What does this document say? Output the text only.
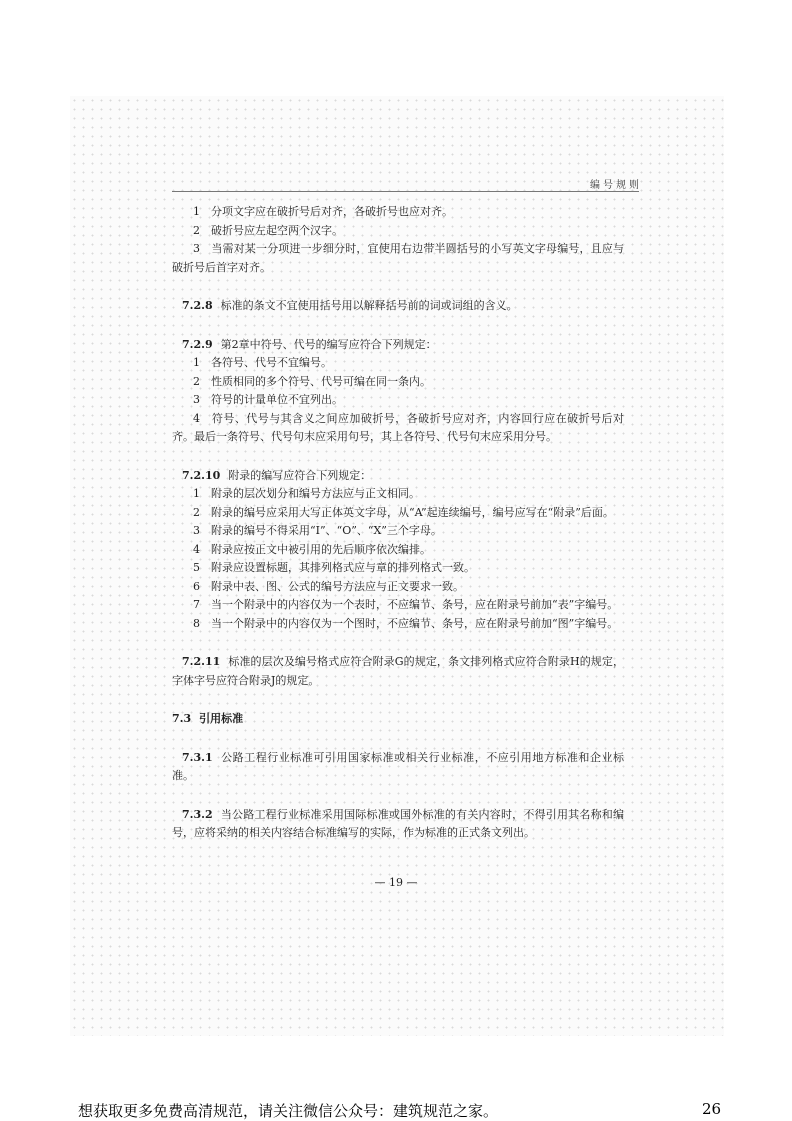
编号规则

1　分项文字应在破折号后对齐，各破折号也应对齐。

2　破折号应左起空两个汉字。

3　当需对某一分项进一步细分时，宜使用右边带半圆括号的小写英文字母编号，且应与破折号后首字对齐。

7.2.8 标准的条文不宜使用括号用以解释括号前的词或词组的含义。

7.2.9 第2章中符号、代号的编写应符合下列规定：

1　各符号、代号不宜编号。

2　性质相同的多个符号、代号可编在同一条内。

3　符号的计量单位不宜列出。

4　符号、代号与其含义之间应加破折号，各破折号应对齐，内容回行应在破折号后对齐。最后一条符号、代号句末应采用句号，其上各符号、代号句末应采用分号。

7.2.10 附录的编写应符合下列规定：

1　附录的层次划分和编号方法应与正文相同。

2　附录的编号应采用大写正体英文字母，从“A”起连续编号，编号应写在“附录”后面。

3　附录的编号不得采用“I”、“O”、“X”三个字母。

4　附录应按正文中被引用的先后顺序依次编排。

5　附录应设置标题，其排列格式应与章的排列格式一致。

6　附录中表、图、公式的编号方法应与正文要求一致。

7　当一个附录中的内容仅为一个表时，不应编节、条号，应在附录号前加“表”字编号。

8　当一个附录中的内容仅为一个图时，不应编节、条号，应在附录号前加“图”字编号。

7.2.11 标准的层次及编号格式应符合附录G的规定，条文排列格式应符合附录H的规定，字体字号应符合附录J的规定。

7.3 引用标准

7.3.1 公路工程行业标准可引用国家标准或相关行业标准，不应引用地方标准和企业标准。

7.3.2 当公路工程行业标准采用国际标准或国外标准的有关内容时，不得引用其名称和编号，应将采纳的相关内容结合标准编写的实际，作为标准的正式条文列出。

— 19 —
想获取更多免费高清规范，请关注微信公众号：建筑规范之家。	26
